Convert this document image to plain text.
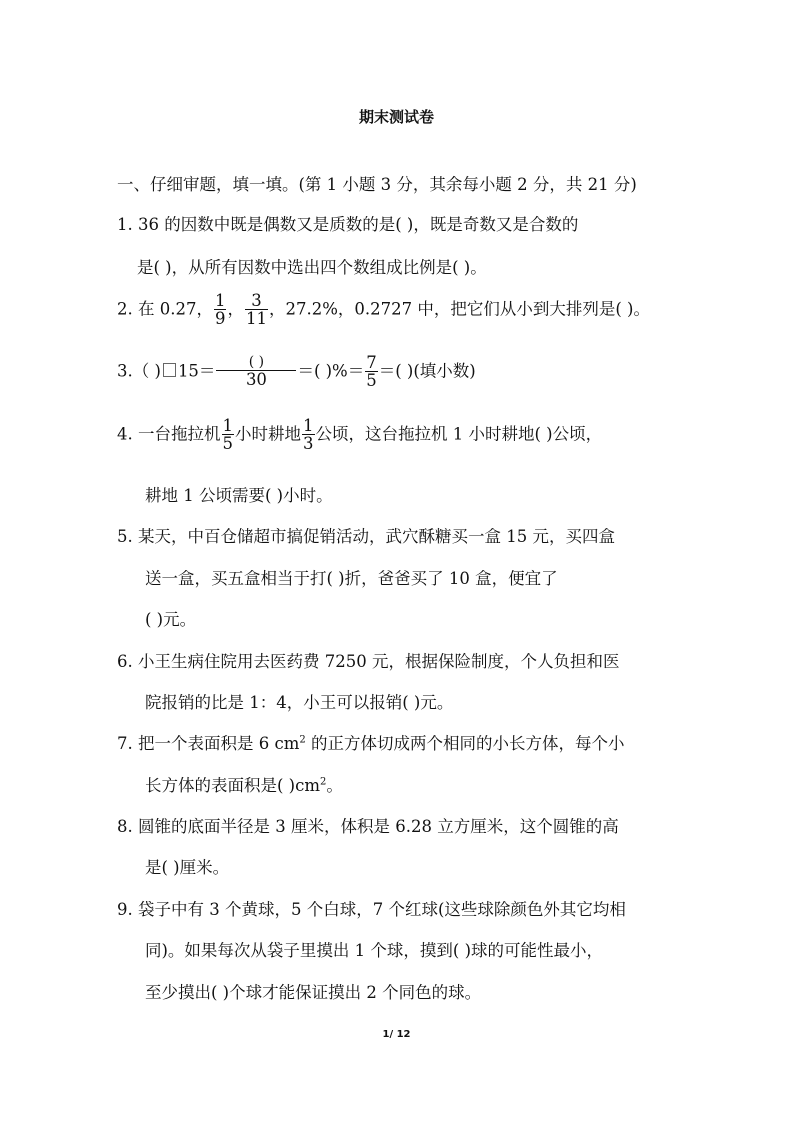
期末测试卷
一、仔细审题，填一填。(第 1 小题 3 分，其余每小题 2 分，共 21 分)
1. 36 的因数中既是偶数又是质数的是( )，既是奇数又是合数的
是( )，从所有因数中选出四个数组成比例是( )。
2. 在 0.27， $\frac{1}{9}$ ， $\frac{3}{11}$ ，27.2%，0.2727 中，把它们从小到大排列是( )。
3.（ ) $15= \frac{( )}{30}$ ＝( )%＝ $\frac{7}{5}$ ＝( )(填小数)
4. 一台拖拉机 $\frac{1}{5}$ 小时耕地 $\frac{1}{3}$ 公顷，这台拖拉机 1 小时耕地( )公顷，
耕地 1 公顷需要( )小时。
5. 某天，中百仓储超市搞促销活动，武穴酥糖买一盒 15 元，买四盒
送一盒，买五盒相当于打( )折，爸爸买了 10 盒，便宜了
( )元。
6. 小王生病住院用去医药费 7250 元，根据保险制度，个人负担和医
院报销的比是 1：4，小王可以报销( )元。
7. 把一个表面积是 6 $cm^2$ 的正方体切成两个相同的小长方体，每个小
长方体的表面积是( )$cm^2$。
8. 圆锥的底面半径是 3 厘米，体积是 6.28 立方厘米，这个圆锥的高
是( )厘米。
9. 袋子中有 3 个黄球，5 个白球，7 个红球(这些球除颜色外其它均相
同)。如果每次从袋子里摸出 1 个球，摸到( )球的可能性最小，
至少摸出( )个球才能保证摸出 2 个同色的球。
1/ 12
